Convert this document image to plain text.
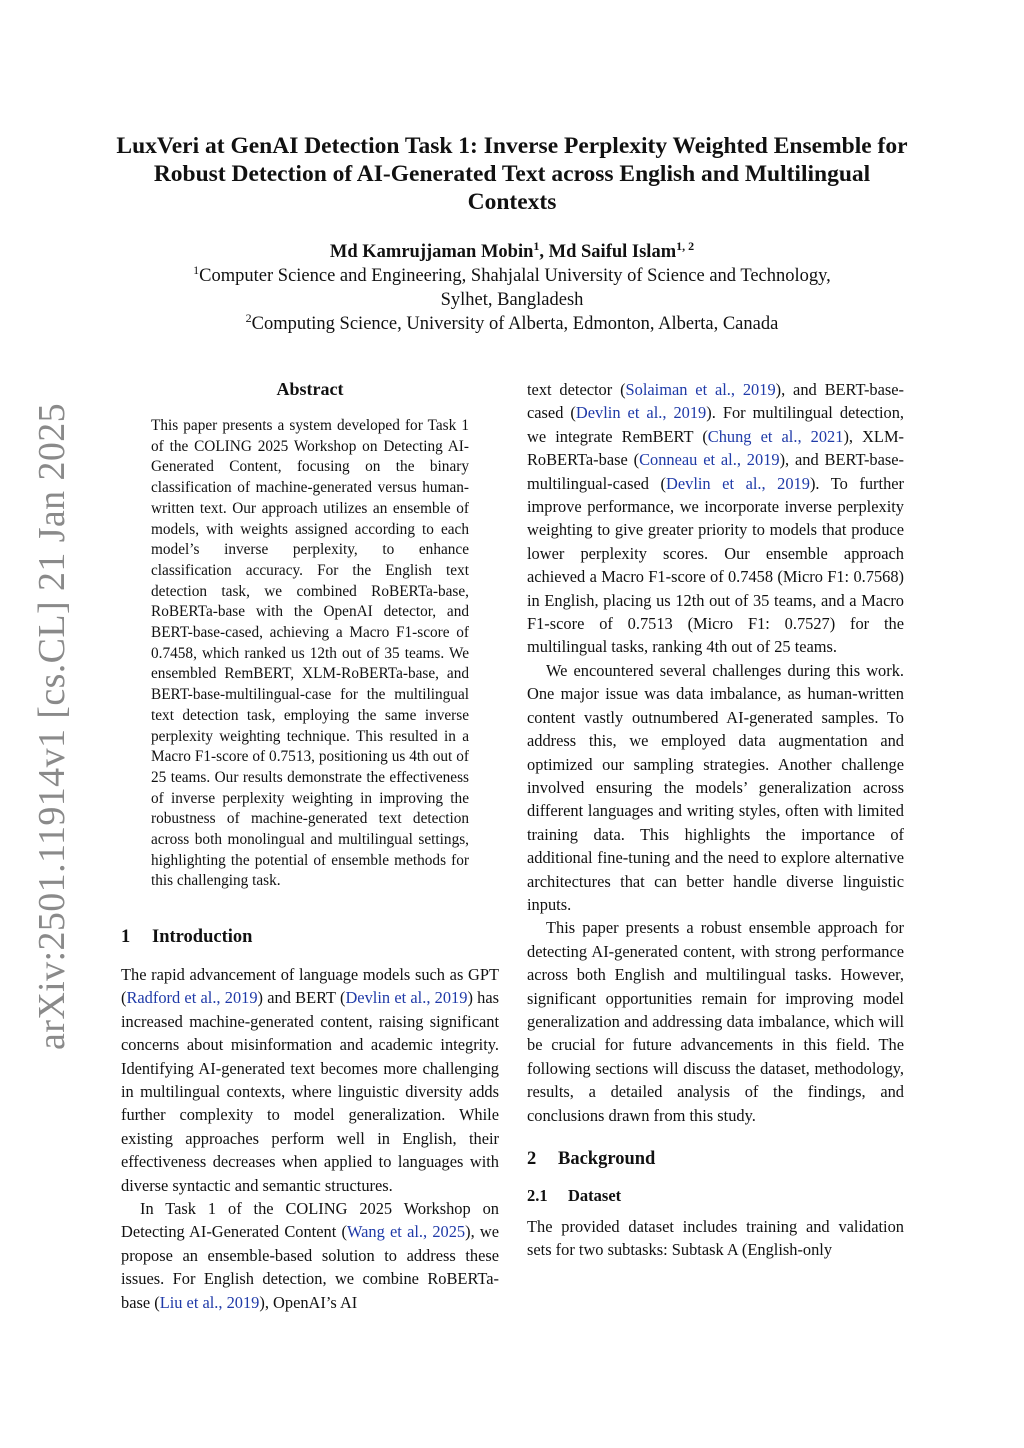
arXiv:2501.11914v1 [cs.CL] 21 Jan 2025
LuxVeri at GenAI Detection Task 1: Inverse Perplexity Weighted Ensemble for Robust Detection of AI-Generated Text across English and Multilingual Contexts
Md Kamrujjaman Mobin$^1$, Md Saiful Islam$^{1, 2}$
$^1$Computer Science and Engineering, Shahjalal University of Science and Technology,
Sylhet, Bangladesh
$^2$Computing Science, University of Alberta, Edmonton, Alberta, Canada
Abstract
This paper presents a system developed for Task 1 of the COLING 2025 Workshop on Detecting AI-Generated Content, focusing on the binary classification of machine-generated versus human-written text. Our approach utilizes an ensemble of models, with weights assigned according to each model’s inverse perplexity, to enhance classification accuracy. For the English text detection task, we combined RoBERTa-base, RoBERTa-base with the OpenAI detector, and BERT-base-cased, achieving a Macro F1-score of 0.7458, which ranked us 12th out of 35 teams. We ensembled RemBERT, XLM-RoBERTa-base, and BERT-base-multilingual-case for the multilingual text detection task, employing the same inverse perplexity weighting technique. This resulted in a Macro F1-score of 0.7513, positioning us 4th out of 25 teams. Our results demonstrate the effectiveness of inverse perplexity weighting in improving the robustness of machine-generated text detection across both monolingual and multilingual settings, highlighting the potential of ensemble methods for this challenging task.
1 Introduction

The rapid advancement of language models such as GPT (Radford et al., 2019) and BERT (Devlin et al., 2019) has increased machine-generated content, raising significant concerns about misinformation and academic integrity. Identifying AI-generated text becomes more challenging in multilingual contexts, where linguistic diversity adds further complexity to model generalization. While existing approaches perform well in English, their effectiveness decreases when applied to languages with diverse syntactic and semantic structures.

In Task 1 of the COLING 2025 Workshop on Detecting AI-Generated Content (Wang et al., 2025), we propose an ensemble-based solution to address these issues. For English detection, we combine RoBERTa-base (Liu et al., 2019), OpenAI’s AI

text detector (Solaiman et al., 2019), and BERT-base-cased (Devlin et al., 2019). For multilingual detection, we integrate RemBERT (Chung et al., 2021), XLM-RoBERTa-base (Conneau et al., 2019), and BERT-base-multilingual-cased (Devlin et al., 2019). To further improve performance, we incorporate inverse perplexity weighting to give greater priority to models that produce lower perplexity scores. Our ensemble approach achieved a Macro F1-score of 0.7458 (Micro F1: 0.7568) in English, placing us 12th out of 35 teams, and a Macro F1-score of 0.7513 (Micro F1: 0.7527) for the multilingual tasks, ranking 4th out of 25 teams.

We encountered several challenges during this work. One major issue was data imbalance, as human-written content vastly outnumbered AI-generated samples. To address this, we employed data augmentation and optimized our sampling strategies. Another challenge involved ensuring the models’ generalization across different languages and writing styles, often with limited training data. This highlights the importance of additional fine-tuning and the need to explore alternative architectures that can better handle diverse linguistic inputs.

This paper presents a robust ensemble approach for detecting AI-generated content, with strong performance across both English and multilingual tasks. However, significant opportunities remain for improving model generalization and addressing data imbalance, which will be crucial for future advancements in this field. The following sections will discuss the dataset, methodology, results, a detailed analysis of the findings, and conclusions drawn from this study.

2 Background
2.1 Dataset

The provided dataset includes training and validation sets for two subtasks: Subtask A (English-only
